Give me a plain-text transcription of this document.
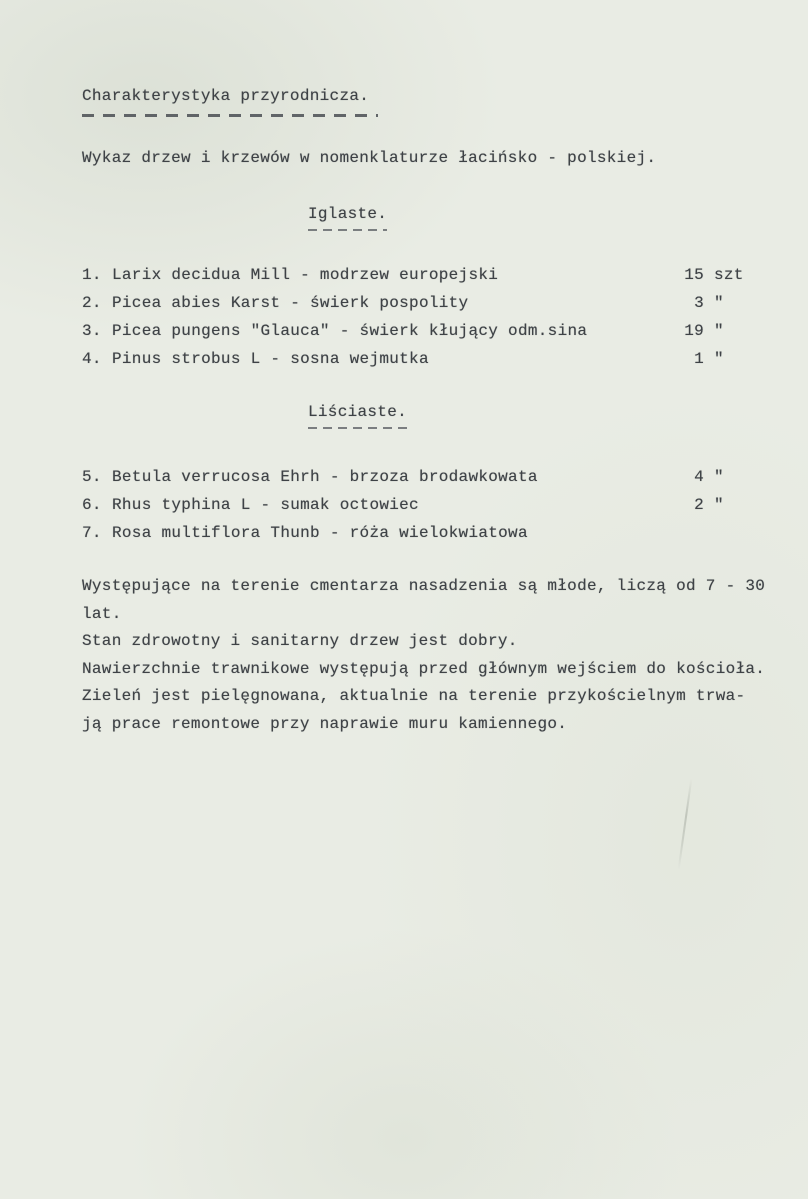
Charakterystyka przyrodnicza.
Wykaz drzew i krzewów w nomenklaturze łacińsko - polskiej.
Iglaste.
1. Larix decidua Mill - modrzew europejski	15 szt
2. Picea abies Karst - świerk pospolity	3 "
3. Picea pungens "Glauca" - świerk kłujący odm.sina	19 "
4. Pinus strobus L - sosna wejmutka	1 "
Liściaste.
5. Betula verrucosa Ehrh - brzoza brodawkowata	4 "
6. Rhus typhina L - sumak octowiec	2 "
7. Rosa multiflora Thunb - róża wielokwiatowa
Występujące na terenie cmentarza nasadzenia są młode, liczą od 7 - 30
lat.
Stan zdrowotny i sanitarny drzew jest dobry.
Nawierzchnie trawnikowe występują przed głównym wejściem do kościoła.
Zieleń jest pielęgnowana, aktualnie na terenie przykościelnym trwa-
ją prace remontowe przy naprawie muru kamiennego.
